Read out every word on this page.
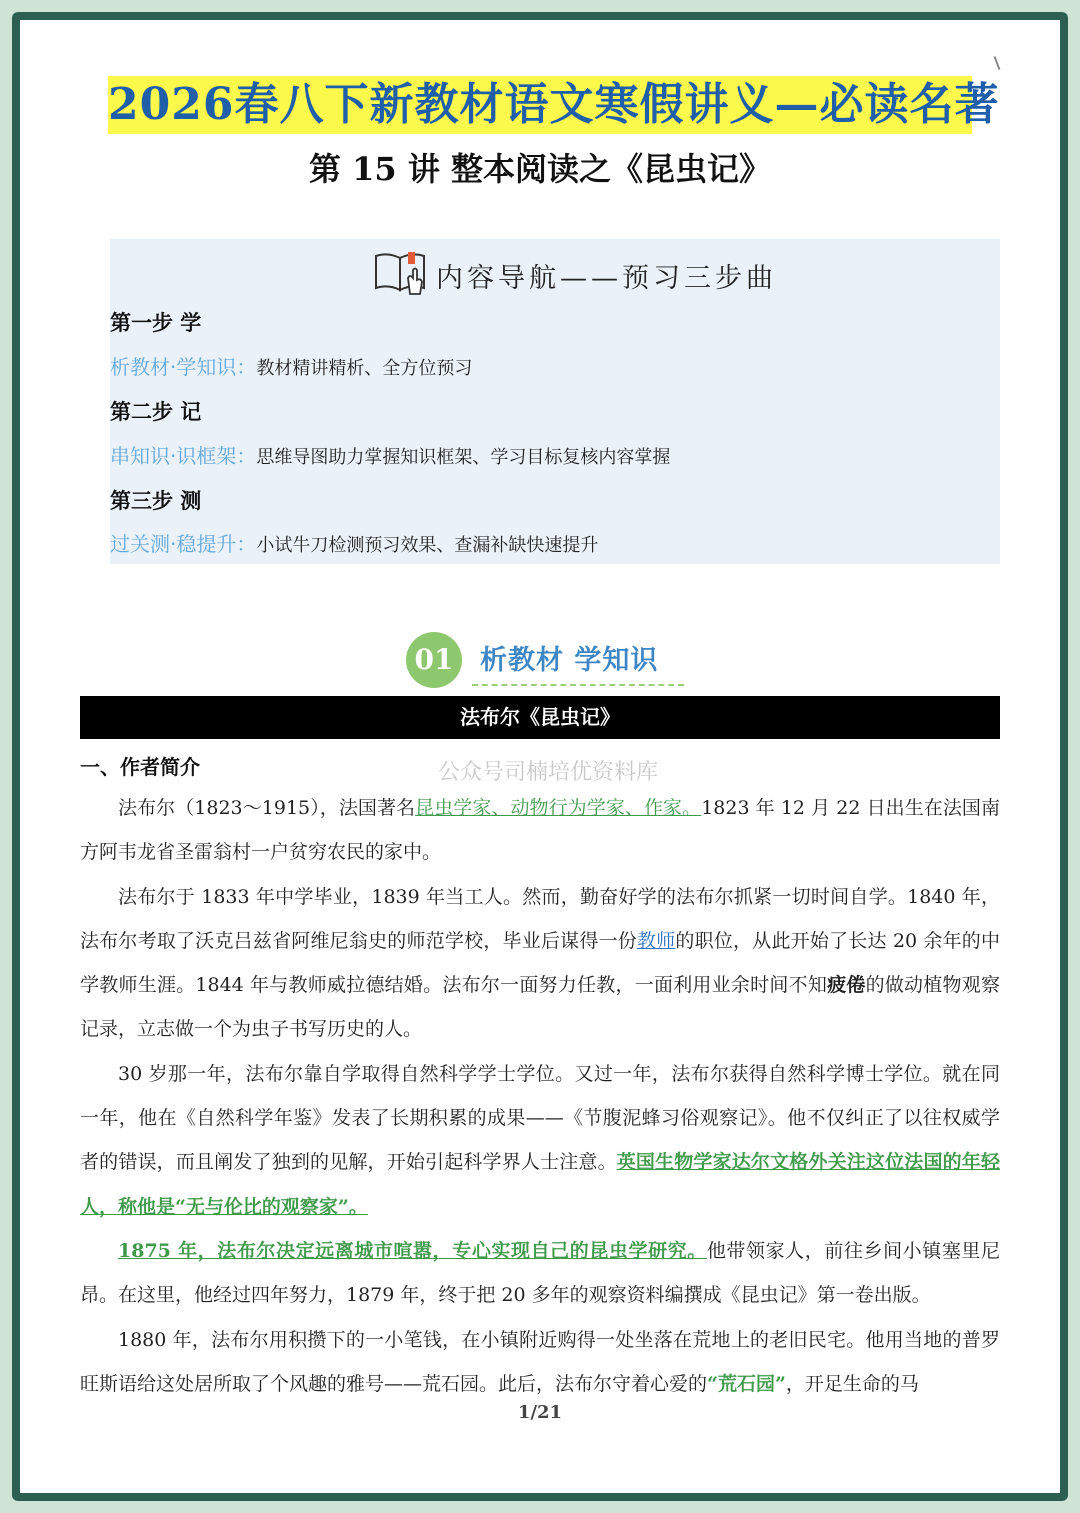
2026春八下新教材语文寒假讲义—必读名著
第 15 讲 整本阅读之《昆虫记》
内容导航——预习三步曲
第一步 学
析教材·学知识： 教材精讲精析、全方位预习
第二步 记
串知识·识框架： 思维导图助力掌握知识框架、学习目标复核内容掌握
第三步 测
过关测·稳提升： 小试牛刀检测预习效果、查漏补缺快速提升
01 析教材 学知识
法布尔《昆虫记》
一、作者简介	公众号司楠培优资料库

法布尔（1823～1915），法国著名昆虫学家、动物行为学家、作家。1823 年 12 月 22 日出生在法国南方阿韦龙省圣雷翁村一户贫穷农民的家中。

法布尔于 1833 年中学毕业，1839 年当工人。然而，勤奋好学的法布尔抓紧一切时间自学。1840 年，法布尔考取了沃克吕兹省阿维尼翁史的师范学校，毕业后谋得一份教师的职位，从此开始了长达 20 余年的中学教师生涯。1844 年与教师威拉德结婚。法布尔一面努力任教，一面利用业余时间不知疲倦的做动植物观察记录，立志做一个为虫子书写历史的人。

30 岁那一年，法布尔靠自学取得自然科学学士学位。又过一年，法布尔获得自然科学博士学位。就在同一年，他在《自然科学年鉴》发表了长期积累的成果——《节腹泥蜂习俗观察记》。他不仅纠正了以往权威学者的错误，而且阐发了独到的见解，开始引起科学界人士注意。英国生物学家达尔文格外关注这位法国的年轻人，称他是“无与伦比的观察家”。

1875 年，法布尔决定远离城市喧嚣，专心实现自己的昆虫学研究。他带领家人，前往乡间小镇塞里尼昂。在这里，他经过四年努力，1879 年，终于把 20 多年的观察资料编撰成《昆虫记》第一卷出版。

1880 年，法布尔用积攒下的一小笔钱，在小镇附近购得一处坐落在荒地上的老旧民宅。他用当地的普罗旺斯语给这处居所取了个风趣的雅号——荒石园。此后，法布尔守着心爱的“荒石园”，开足生命的马

1/21
